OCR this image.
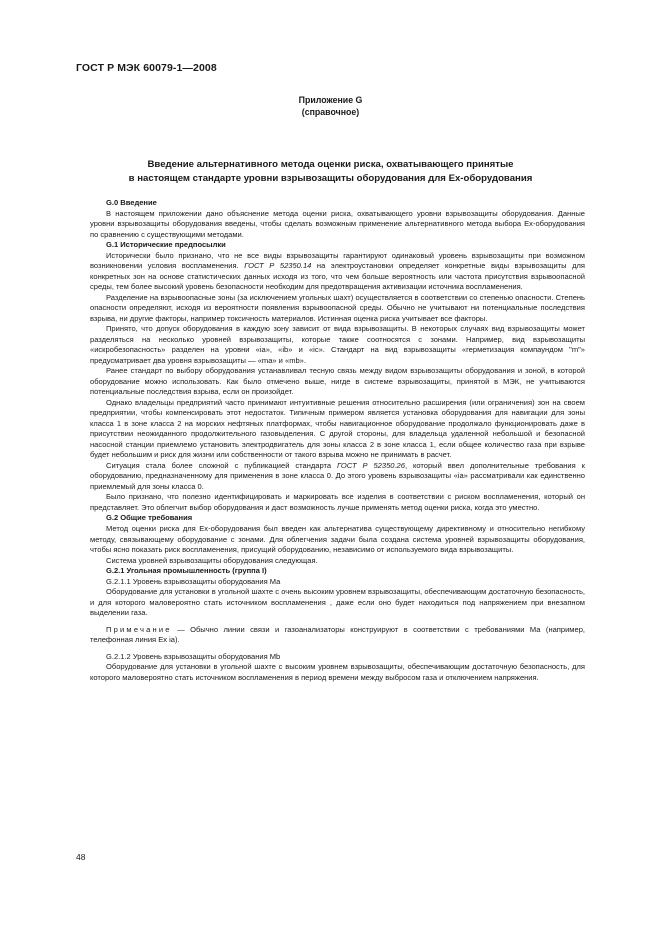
ГОСТ Р МЭК 60079-1—2008
Приложение G
(справочное)
Введение альтернативного метода оценки риска, охватывающего принятые
в настоящем стандарте уровни взрывозащиты оборудования для Ех-оборудования

G.0 Введение

В настоящем приложении дано объяснение метода оценки риска, охватывающего уровни взрывозащиты оборудования. Данные уровни взрывозащиты оборудования введены, чтобы сделать возможным применение альтернативного метода выбора Ех-оборудования по сравнению с существующими методами.

G.1 Исторические предпосылки

Исторически было признано, что не все виды взрывозащиты гарантируют одинаковый уровень взрывозащиты при возможном возникновении условия воспламенения. ГОСТ Р 52350.14 на электроустановки определяет конкретные виды взрывозащиты для конкретных зон на основе статистических данных исходя из того, что чем больше вероятность или частота присутствия взрывоопасной среды, тем более высокий уровень безопасности необходим для предотвращения активизации источника воспламенения.

Разделение на взрывоопасные зоны (за исключением угольных шахт) осуществляется в соответствии со степенью опасности. Степень опасности определяют, исходя из вероятности появления взрывоопасной среды. Обычно не учитывают ни потенциальные последствия взрыва, ни другие факторы, например токсичность материалов. Истинная оценка риска учитывает все факторы.

Принято, что допуск оборудования в каждую зону зависит от вида взрывозащиты. В некоторых случаях вид взрывозащиты может разделяться на несколько уровней взрывозащиты, которые также соотносятся с зонами. Например, вид взрывозащиты «искробезопасность» разделен на уровни «ia», «ib» и «ic». Стандарт на вид взрывозащиты «герметизация компаундом "m"» предусматривает два уровня взрывозащиты — «ma» и «mb».

Ранее стандарт по выбору оборудования устанавливал тесную связь между видом взрывозащиты оборудования и зоной, в которой оборудование можно использовать. Как было отмечено выше, нигде в системе взрывозащиты, принятой в МЭК, не учитываются потенциальные последствия взрыва, если он произойдет.

Однако владельцы предприятий часто принимают интуитивные решения относительно расширения (или ограничения) зон на своем предприятии, чтобы компенсировать этот недостаток. Типичным примером является установка оборудования для навигации для зоны класса 1 в зоне класса 2 на морских нефтяных платформах, чтобы навигационное оборудование продолжало функционировать даже в присутствии неожиданного продолжительного газовыделения. С другой стороны, для владельца удаленной небольшой и безопасной насосной станции приемлемо установить электродвигатель для зоны класса 2 в зоне класса 1, если общее количество газа при взрыве будет небольшим и риск для жизни или собственности от такого взрыва можно не принимать в расчет.

Ситуация стала более сложной с публикацией стандарта ГОСТ Р 52350.26, который ввел дополнительные требования к оборудованию, предназначенному для применения в зоне класса 0. До этого уровень взрывозащиты «ia» рассматривали как единственно приемлемый для зоны класса 0.

Было признано, что полезно идентифицировать и маркировать все изделия в соответствии с риском воспламенения, который он представляет. Это облегчит выбор оборудования и даст возможность лучше применять метод оценки риска, когда это уместно.

G.2 Общие требования

Метод оценки риска для Ех-оборудования был введен как альтернатива существующему директивному и относительно негибкому методу, связывающему оборудование с зонами. Для облегчения задачи была создана система уровней взрывозащиты оборудования, чтобы ясно показать риск воспламенения, присущий оборудованию, независимо от используемого вида взрывозащиты.

Система уровней взрывозащиты оборудования следующая.

G.2.1 Угольная промышленность (группа I)

G.2.1.1 Уровень взрывозащиты оборудования Ма

Оборудование для установки в угольной шахте с очень высоким уровнем взрывозащиты, обеспечивающим достаточную безопасность, и для которого маловероятно стать источником воспламенения , даже если оно будет находиться под напряжением при внезапном выделении газа.

Примечание — Обычно линии связи и газоанализаторы конструируют в соответствии с требованиями Ма (например, телефонная линия Ex ia).

G.2.1.2 Уровень взрывозащиты оборудования Mb

Оборудование для установки в угольной шахте с высоким уровнем взрывозащиты, обеспечивающим достаточную безопасность, для которого маловероятно стать источником воспламенения в период времени между выбросом газа и отключением напряжения.

48
